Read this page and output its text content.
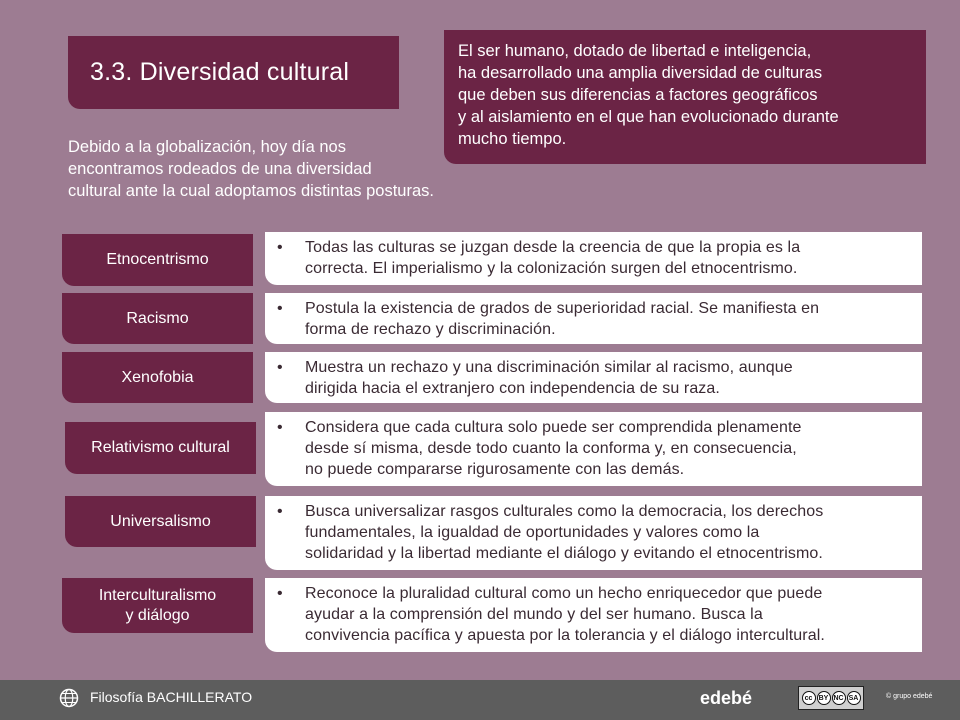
3.3. Diversidad cultural

El ser humano, dotado de libertad e inteligencia,
ha desarrollado una amplia diversidad de culturas
que deben sus diferencias a factores geográficos
y al aislamiento en el que han evolucionado durante
mucho tiempo.

Debido a la globalización, hoy día nos
encontramos rodeados de una diversidad
cultural ante la cual adoptamos distintas posturas.

Etnocentrismo
•	Todas las culturas se juzgan desde la creencia de que la propia es la
correcta. El imperialismo y la colonización surgen del etnocentrismo.
Racismo
•	Postula la existencia de grados de superioridad racial. Se manifiesta en
forma de rechazo y discriminación.
Xenofobia
•	Muestra un rechazo y una discriminación similar al racismo, aunque
dirigida hacia el extranjero con independencia de su raza.
Relativismo cultural
•	Considera que cada cultura solo puede ser comprendida plenamente
desde sí misma, desde todo cuanto la conforma y, en consecuencia,
no puede compararse rigurosamente con las demás.
Universalismo
•	Busca universalizar rasgos culturales como la democracia, los derechos
fundamentales, la igualdad de oportunidades y valores como la
solidaridad y la libertad mediante el diálogo y evitando el etnocentrismo.
Interculturalismo
y diálogo
•	Reconoce la pluralidad cultural como un hecho enriquecedor que puede
ayudar a la comprensión del mundo y del ser humano. Busca la
convivencia pacífica y apuesta por la tolerancia y el diálogo intercultural.
Filosofía BACHILLERATO	edebé	cc BY NC SA	© grupo edebé
